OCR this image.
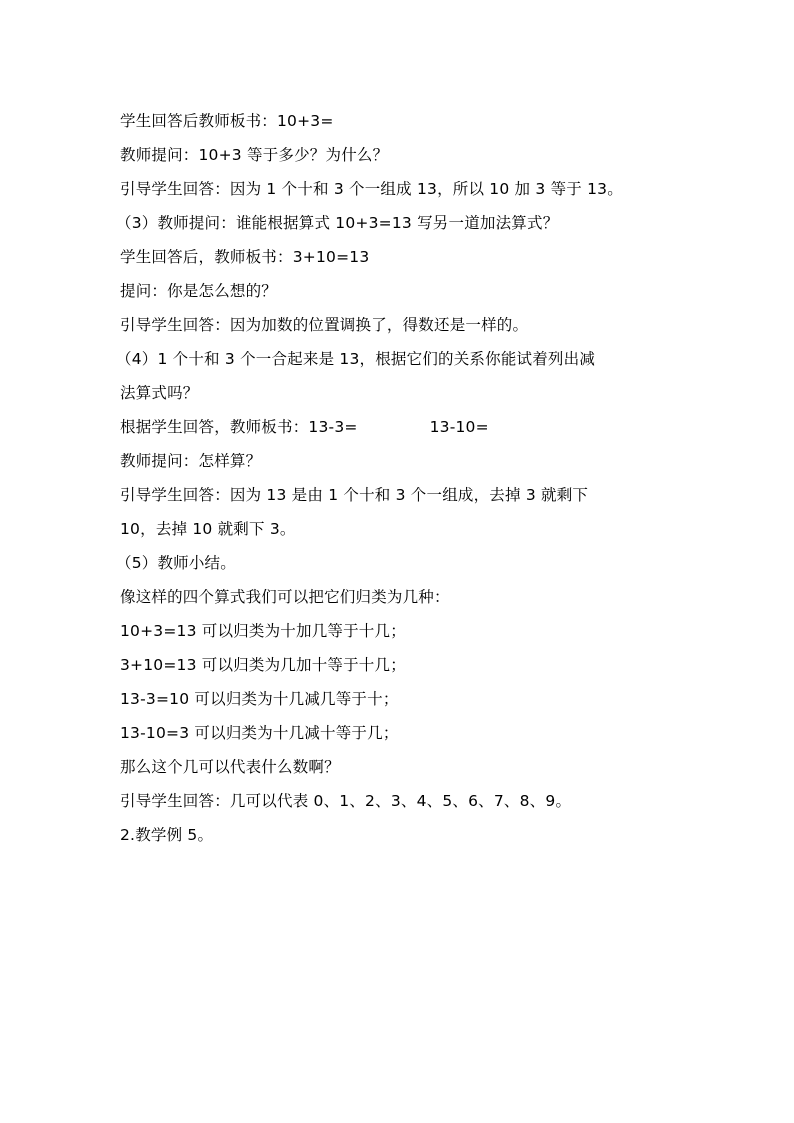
学生回答后教师板书：10+3=
教师提问：10+3 等于多少？为什么？
引导学生回答：因为 1 个十和 3 个一组成 13，所以 10 加 3 等于 13。
（3）教师提问：谁能根据算式 10+3=13 写另一道加法算式？
学生回答后，教师板书：3+10=13
提问：你是怎么想的？
引导学生回答：因为加数的位置调换了，得数还是一样的。
（4）1 个十和 3 个一合起来是 13，根据它们的关系你能试着列出减
法算式吗？
根据学生回答，教师板书：13-3=	13-10=
教师提问：怎样算？
引导学生回答：因为 13 是由 1 个十和 3 个一组成，去掉 3 就剩下
10，去掉 10 就剩下 3。
（5）教师小结。
像这样的四个算式我们可以把它们归类为几种：
10+3=13 可以归类为十加几等于十几；
3+10=13 可以归类为几加十等于十几；
13-3=10 可以归类为十几减几等于十；
13-10=3 可以归类为十几减十等于几；
那么这个几可以代表什么数啊？
引导学生回答：几可以代表 0、1、2、3、4、5、6、7、8、9。
2.教学例 5。
